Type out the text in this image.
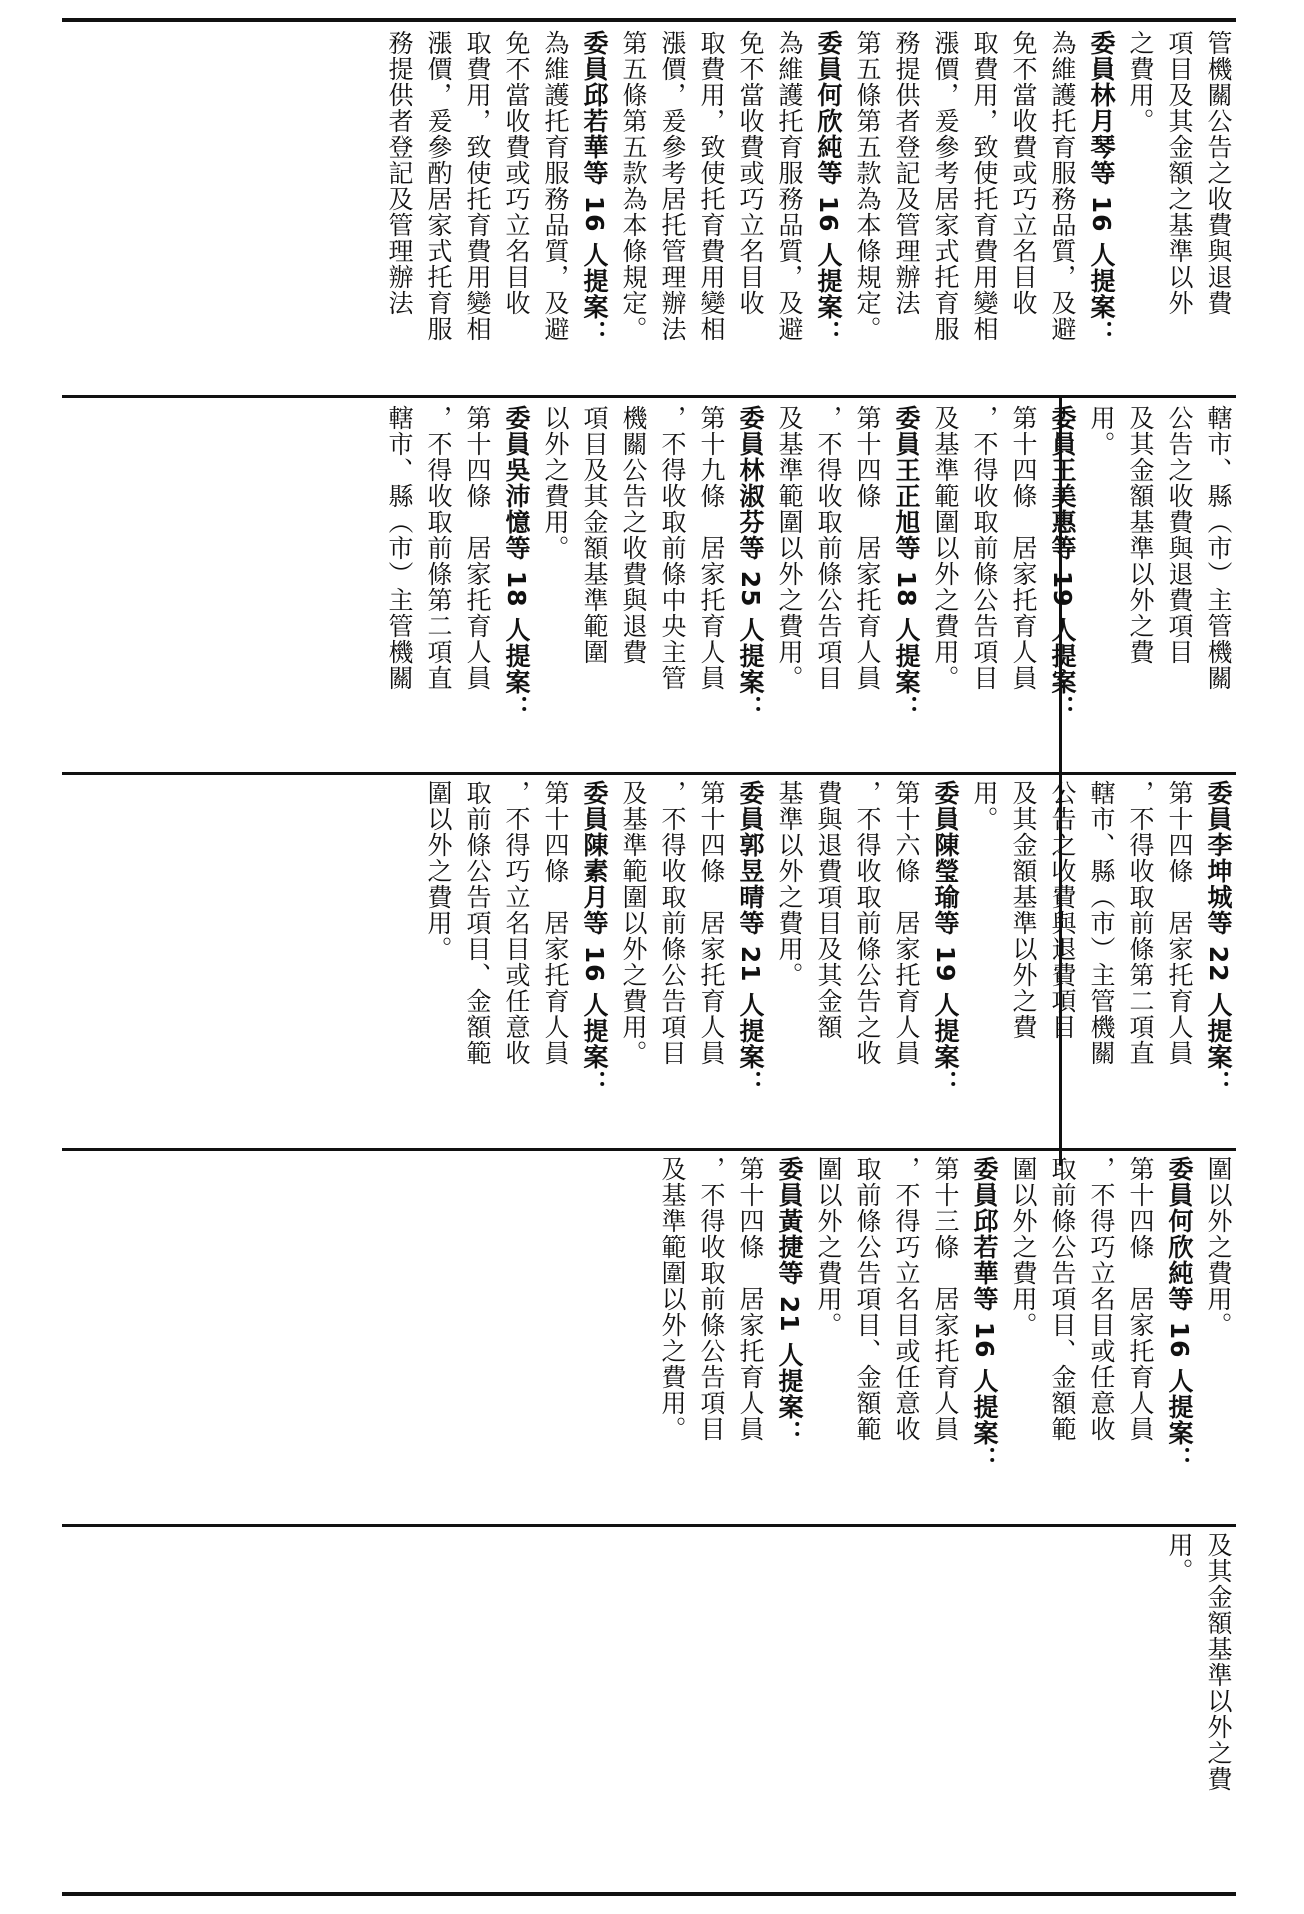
管機關公告之收費與退費

項目及其金額之基準以外

之費用。

委員林月琴等 16 人提案：

為維護托育服務品質，及避

免不當收費或巧立名目收

取費用，致使托育費用變相

漲價，爰參考居家式托育服

務提供者登記及管理辦法

第五條第五款為本條規定。

委員何欣純等 16 人提案：

為維護托育服務品質，及避

免不當收費或巧立名目收

取費用，致使托育費用變相

漲價，爰參考居托管理辦法

第五條第五款為本條規定。

委員邱若華等 16 人提案：

為維護托育服務品質，及避

免不當收費或巧立名目收

取費用，致使托育費用變相

漲價，爰參酌居家式托育服

務提供者登記及管理辦法

轄市、縣（市）主管機關

公告之收費與退費項目

及其金額基準以外之費

用。

委員王美惠等 19 人提案：

第十四條　居家托育人員

，不得收取前條公告項目

及基準範圍以外之費用。

委員王正旭等 18 人提案：

第十四條　居家托育人員

，不得收取前條公告項目

及基準範圍以外之費用。

委員林淑芬等 25 人提案：

第十九條　居家托育人員

，不得收取前條中央主管

機關公告之收費與退費

項目及其金額基準範圍

以外之費用。

委員吳沛憶等 18 人提案：

第十四條　居家托育人員

，不得收取前條第二項直

轄市、縣（市）主管機關

委員李坤城等 22 人提案：

第十四條　居家托育人員

，不得收取前條第二項直

轄市、縣（市）主管機關

公告之收費與退費項目

及其金額基準以外之費

用。

委員陳瑩瑜等 19 人提案：

第十六條　居家托育人員

，不得收取前條公告之收

費與退費項目及其金額

基準以外之費用。

委員郭昱晴等 21 人提案：

第十四條　居家托育人員

，不得收取前條公告項目

及基準範圍以外之費用。

委員陳素月等 16 人提案：

第十四條　居家托育人員

，不得巧立名目或任意收

取前條公告項目、金額範

圍以外之費用。

圍以外之費用。

委員何欣純等 16 人提案：

第十四條　居家托育人員

，不得巧立名目或任意收

取前條公告項目、金額範

圍以外之費用。

委員邱若華等 16 人提案：

第十三條　居家托育人員

，不得巧立名目或任意收

取前條公告項目、金額範

圍以外之費用。

委員黃捷等 21 人提案：

第十四條　居家托育人員

，不得收取前條公告項目

及基準範圍以外之費用。

及其金額基準以外之費

用。
